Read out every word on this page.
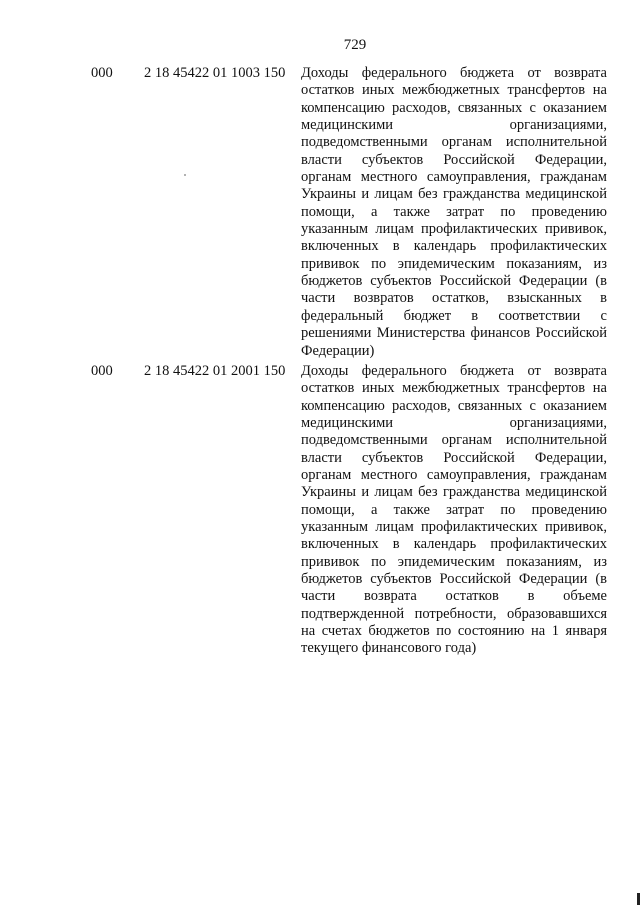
729
000 2 18 45422 01 1003 150 Доходы федерального бюджета от возврата остатков иных межбюджетных трансфертов на компенсацию расходов, связанных с оказанием медицинскими организациями, подведомственными органам исполнительной власти субъектов Российской Федерации, органам местного самоуправления, гражданам Украины и лицам без гражданства медицинской помощи, а также затрат по проведению указанным лицам профилактических прививок, включенных в календарь профилактических прививок по эпидемическим показаниям, из бюджетов субъектов Российской Федерации (в части возвратов остатков, взысканных в федеральный бюджет в соответствии с решениями Министерства финансов Российской Федерации)
000 2 18 45422 01 2001 150 Доходы федерального бюджета от возврата остатков иных межбюджетных трансфертов на компенсацию расходов, связанных с оказанием медицинскими организациями, подведомственными органам исполнительной власти субъектов Российской Федерации, органам местного самоуправления, гражданам Украины и лицам без гражданства медицинской помощи, а также затрат по проведению указанным лицам профилактических прививок, включенных в календарь профилактических прививок по эпидемическим показаниям, из бюджетов субъектов Российской Федерации (в части возврата остатков в объеме подтвержденной потребности, образовавшихся на счетах бюджетов по состоянию на 1 января текущего финансового года)
